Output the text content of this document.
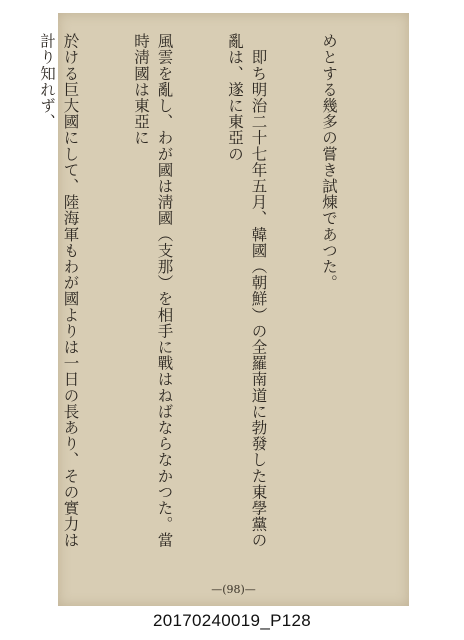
めとする幾多の嘗き試煉であつた。

　即ち明治二十七年五月、韓國（朝鮮）の全羅南道に勃發した東學黨の亂は、遂に東亞の

風雲を亂し、わが國は淸國（支那）を相手に戰はねばならなかつた。當時淸國は東亞に

於ける巨大國にして、陸海軍もわが國よりは一日の長あり、その實力は計り知れず、

—(98)—
20170240019_P128
